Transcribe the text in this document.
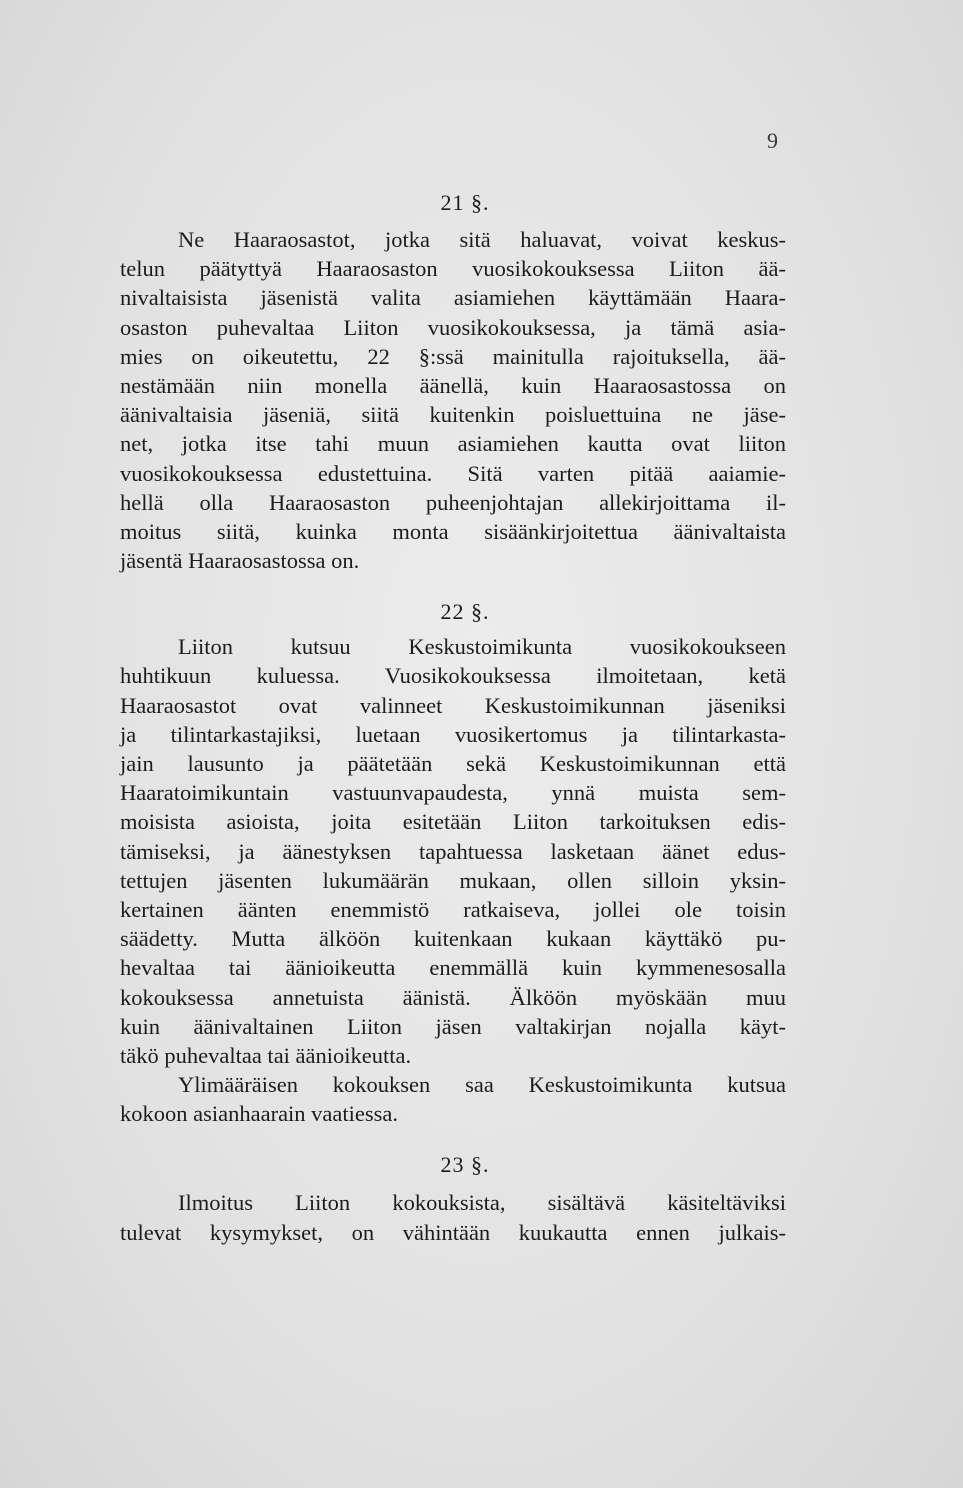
9
21 §.
Ne Haaraosastot, jotka sitä haluavat, voivat keskus-
telun päätyttyä Haaraosaston vuosikokouksessa Liiton ää-
nivaltaisista jäsenistä valita asiamiehen käyttämään Haara-
osaston puhevaltaa Liiton vuosikokouksessa, ja tämä asia-
mies on oikeutettu, 22 §:ssä mainitulla rajoituksella, ää-
nestämään niin monella äänellä, kuin Haaraosastossa on
äänivaltaisia jäseniä, siitä kuitenkin poisluettuina ne jäse-
net, jotka itse tahi muun asiamiehen kautta ovat liiton
vuosikokouksessa edustettuina. Sitä varten pitää aaiamie-
hellä olla Haaraosaston puheenjohtajan allekirjoittama il-
moitus siitä, kuinka monta sisäänkirjoitettua äänivaltaista
jäsentä Haaraosastossa on.
22 §.
Liiton kutsuu Keskustoimikunta vuosikokoukseen
huhtikuun kuluessa. Vuosikokouksessa ilmoitetaan, ketä
Haaraosastot ovat valinneet Keskustoimikunnan jäseniksi
ja tilintarkastajiksi, luetaan vuosikertomus ja tilintarkasta-
jain lausunto ja päätetään sekä Keskustoimikunnan että
Haaratoimikuntain vastuunvapaudesta, ynnä muista sem-
moisista asioista, joita esitetään Liiton tarkoituksen edis-
tämiseksi, ja äänestyksen tapahtuessa lasketaan äänet edus-
tettujen jäsenten lukumäärän mukaan, ollen silloin yksin-
kertainen äänten enemmistö ratkaiseva, jollei ole toisin
säädetty. Mutta älköön kuitenkaan kukaan käyttäkö pu-
hevaltaa tai äänioikeutta enemmällä kuin kymmenesosalla
kokouksessa annetuista äänistä. Älköön myöskään muu
kuin äänivaltainen Liiton jäsen valtakirjan nojalla käyt-
täkö puhevaltaa tai äänioikeutta.
Ylimääräisen kokouksen saa Keskustoimikunta kutsua
kokoon asianhaarain vaatiessa.
23 §.
Ilmoitus Liiton kokouksista, sisältävä käsiteltäviksi
tulevat kysymykset, on vähintään kuukautta ennen julkais-
